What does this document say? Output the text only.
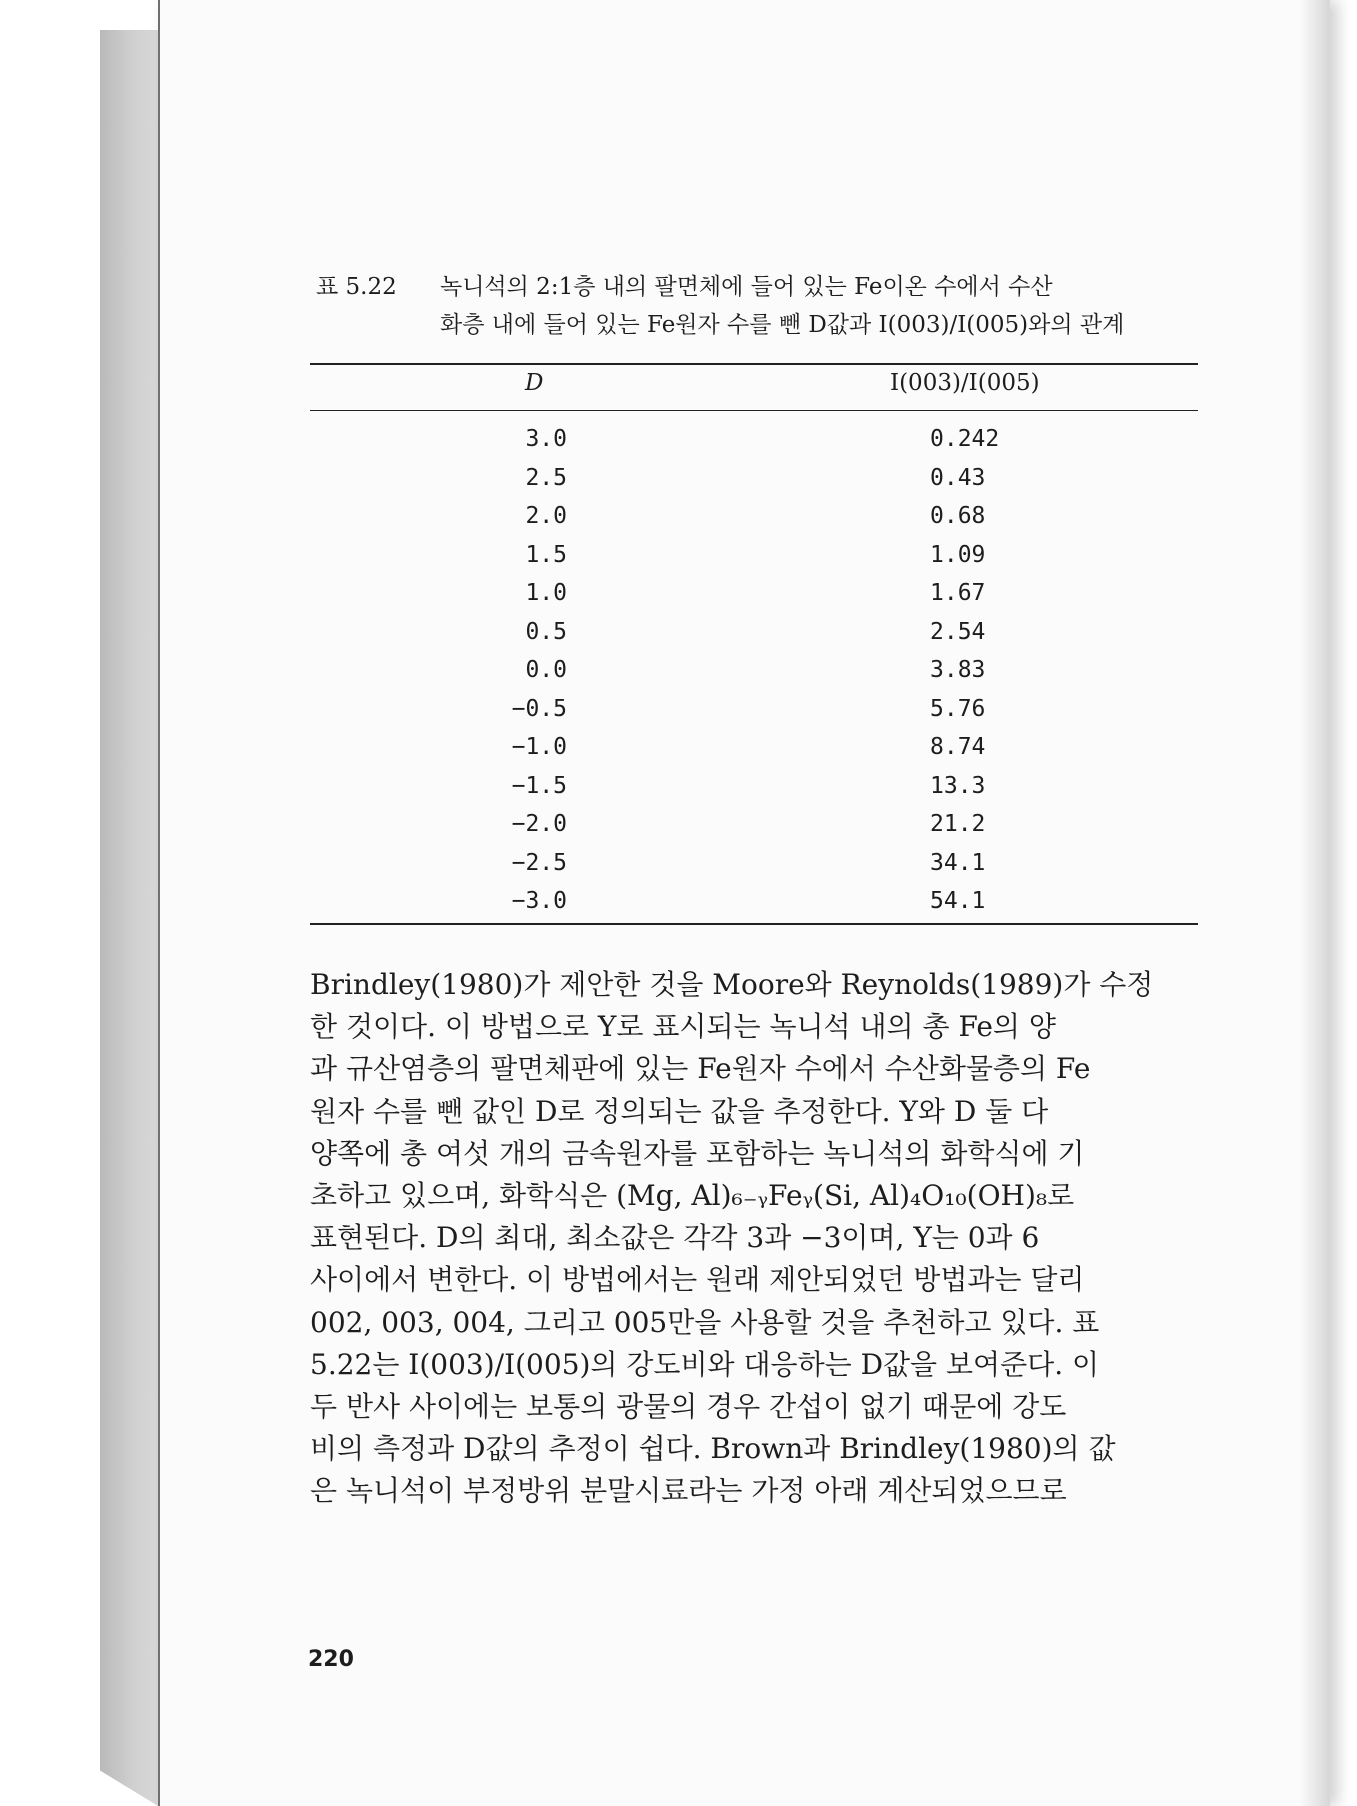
표 5.22	녹니석의 2:1층 내의 팔면체에 들어 있는 Fe이온 수에서 수산
화층 내에 들어 있는 Fe원자 수를 뺀 D값과 I(003)/I(005)와의 관계
D	I(003)/I(005)
3.0	0.242
2.5	0.43
2.0	0.68
1.5	1.09
1.0	1.67
0.5	2.54
0.0	3.83
−0.5	5.76
−1.0	8.74
−1.5	13.3
−2.0	21.2
−2.5	34.1
−3.0	54.1
Brindley(1980)가 제안한 것을 Moore와 Reynolds(1989)가 수정
한 것이다. 이 방법으로 Y로 표시되는 녹니석 내의 총 Fe의 양
과 규산염층의 팔면체판에 있는 Fe원자 수에서 수산화물층의 Fe
원자 수를 뺀 값인 D로 정의되는 값을 추정한다. Y와 D 둘 다
양쪽에 총 여섯 개의 금속원자를 포함하는 녹니석의 화학식에 기
초하고 있으며, 화학식은 (Mg, Al)₆₋ᵧFeᵧ(Si, Al)₄O₁₀(OH)₈로
표현된다. D의 최대, 최소값은 각각 3과 −3이며, Y는 0과 6
사이에서 변한다. 이 방법에서는 원래 제안되었던 방법과는 달리
002, 003, 004, 그리고 005만을 사용할 것을 추천하고 있다. 표
5.22는 I(003)/I(005)의 강도비와 대응하는 D값을 보여준다. 이
두 반사 사이에는 보통의 광물의 경우 간섭이 없기 때문에 강도
비의 측정과 D값의 추정이 쉽다. Brown과 Brindley(1980)의 값
은 녹니석이 부정방위 분말시료라는 가정 아래 계산되었으므로
220
